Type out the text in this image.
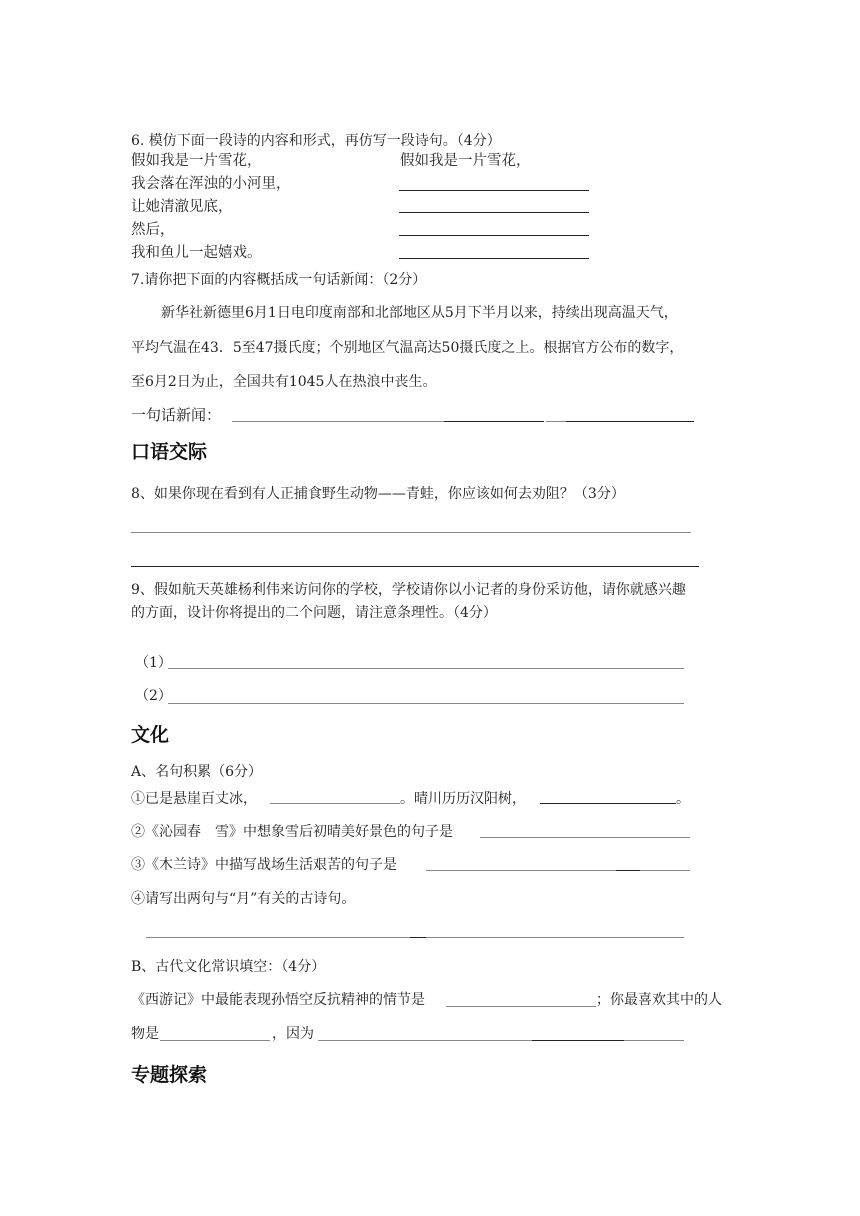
6. 模仿下面一段诗的内容和形式，再仿写一段诗句。（4分）
假如我是一片雪花，
我会落在浑浊的小河里，
让她清澈见底，
然后，
我和鱼儿一起嬉戏。
假如我是一片雪花，
7.请你把下面的内容概括成一句话新闻：（2分）
新华社新德里6月1日电印度南部和北部地区从5月下半月以来，持续出现高温天气，
平均气温在43．5至47摄氏度；个别地区气温高达50摄氏度之上。根据官方公布的数字，
至6月2日为止，全国共有1045人在热浪中丧生。
一句话新闻：
口语交际
8、如果你现在看到有人正捕食野生动物——青蛙，你应该如何去劝阻？（3分）
9、假如航天英雄杨利伟来访问你的学校，学校请你以小记者的身份采访他，请你就感兴趣
的方面，设计你将提出的二个问题，请注意条理性。（4分）
（1）
（2）
文化
A、名句积累（6分）
①已是悬崖百丈冰，	。晴川历历汉阳树，	。
②《沁园春　雪》中想象雪后初晴美好景色的句子是
③《木兰诗》中描写战场生活艰苦的句子是
④请写出两句与“月”有关的古诗句。
B、古代文化常识填空：（4分）
《西游记》中最能表现孙悟空反抗精神的情节是	；你最喜欢其中的人
物是	，因为
专题探索
